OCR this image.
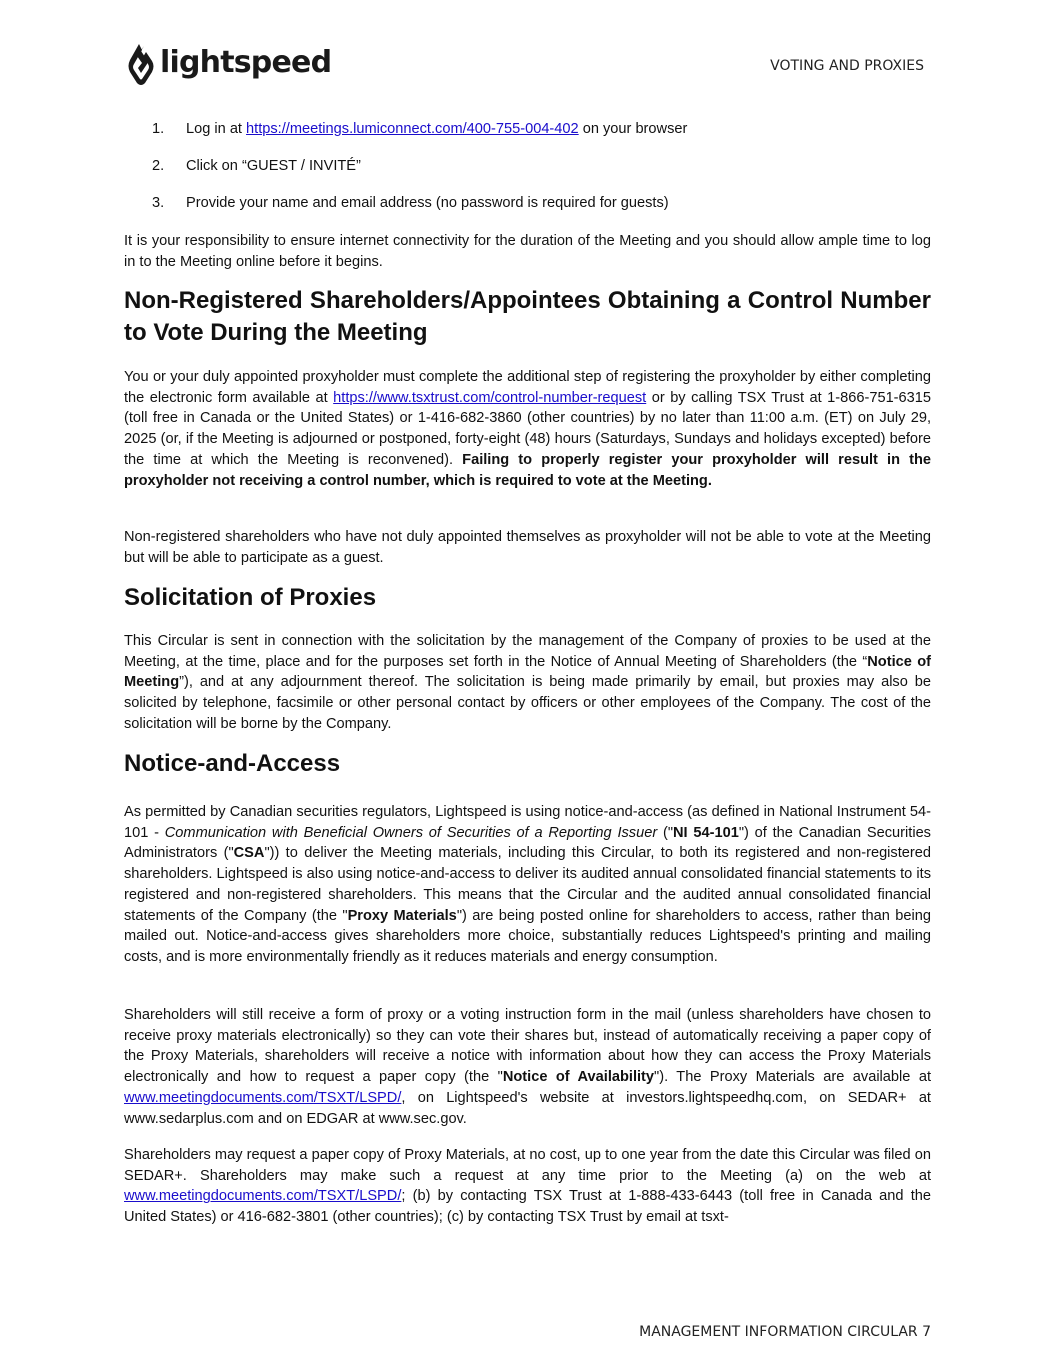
lightspeed	VOTING AND PROXIES
1.	Log in at https://meetings.lumiconnect.com/400-755-004-402 on your browser
2.	Click on “GUEST / INVITÉ”
3.	Provide your name and email address (no password is required for guests)

It is your responsibility to ensure internet connectivity for the duration of the Meeting and you should allow ample time to log in to the Meeting online before it begins.

Non-Registered Shareholders/Appointees Obtaining a Control Number to Vote During the Meeting

You or your duly appointed proxyholder must complete the additional step of registering the proxyholder by either completing the electronic form available at https://www.tsxtrust.com/control-number-request or by calling TSX Trust at 1-866-751-6315 (toll free in Canada or the United States) or 1-416-682-3860 (other countries) by no later than 11:00 a.m. (ET) on July 29, 2025 (or, if the Meeting is adjourned or postponed, forty-eight (48) hours (Saturdays, Sundays and holidays excepted) before the time at which the Meeting is reconvened). Failing to properly register your proxyholder will result in the proxyholder not receiving a control number, which is required to vote at the Meeting.

Non-registered shareholders who have not duly appointed themselves as proxyholder will not be able to vote at the Meeting but will be able to participate as a guest.

Solicitation of Proxies

This Circular is sent in connection with the solicitation by the management of the Company of proxies to be used at the Meeting, at the time, place and for the purposes set forth in the Notice of Annual Meeting of Shareholders (the “Notice of Meeting”), and at any adjournment thereof. The solicitation is being made primarily by email, but proxies may also be solicited by telephone, facsimile or other personal contact by officers or other employees of the Company. The cost of the solicitation will be borne by the Company.

Notice-and-Access

As permitted by Canadian securities regulators, Lightspeed is using notice-and-access (as defined in National Instrument 54-101 - Communication with Beneficial Owners of Securities of a Reporting Issuer ("NI 54-101") of the Canadian Securities Administrators ("CSA")) to deliver the Meeting materials, including this Circular, to both its registered and non-registered shareholders. Lightspeed is also using notice-and-access to deliver its audited annual consolidated financial statements to its registered and non-registered shareholders. This means that the Circular and the audited annual consolidated financial statements of the Company (the "Proxy Materials") are being posted online for shareholders to access, rather than being mailed out. Notice-and-access gives shareholders more choice, substantially reduces Lightspeed's printing and mailing costs, and is more environmentally friendly as it reduces materials and energy consumption.

Shareholders will still receive a form of proxy or a voting instruction form in the mail (unless shareholders have chosen to receive proxy materials electronically) so they can vote their shares but, instead of automatically receiving a paper copy of the Proxy Materials, shareholders will receive a notice with information about how they can access the Proxy Materials electronically and how to request a paper copy (the "Notice of Availability"). The Proxy Materials are available at www.meetingdocuments.com/TSXT/LSPD/, on Lightspeed's website at investors.lightspeedhq.com, on SEDAR+ at www.sedarplus.com and on EDGAR at www.sec.gov.

Shareholders may request a paper copy of Proxy Materials, at no cost, up to one year from the date this Circular was filed on SEDAR+. Shareholders may make such a request at any time prior to the Meeting (a) on the web at www.meetingdocuments.com/TSXT/LSPD/; (b) by contacting TSX Trust at 1-888-433-6443 (toll free in Canada and the United States) or 416-682-3801 (other countries); (c) by contacting TSX Trust by email at tsxt-

MANAGEMENT INFORMATION CIRCULAR 7
